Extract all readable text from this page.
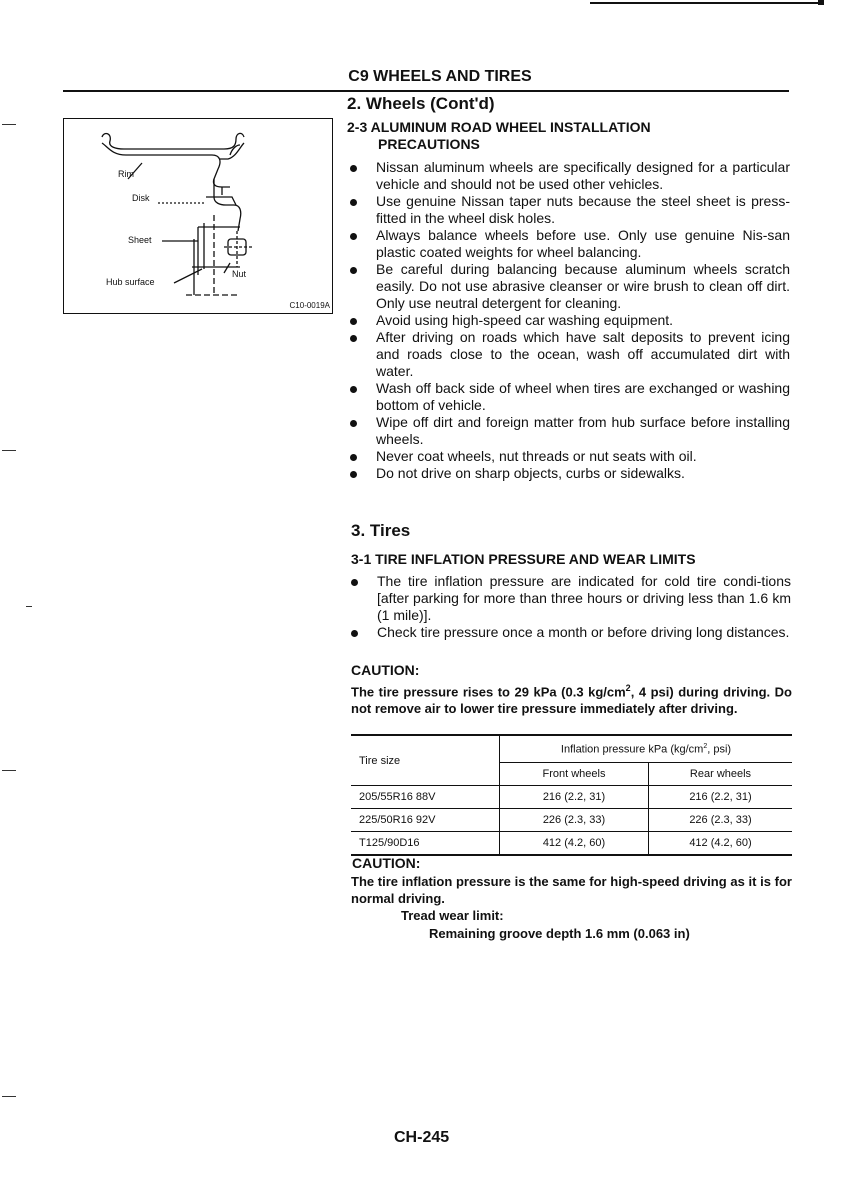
C9 WHEELS AND TIRES
Rim
Disk
Sheet
Hub surface
Nut
C10-0019A
2. Wheels (Cont'd)
2-3 ALUMINUM ROAD WHEEL INSTALLATION
PRECAUTIONS
Nissan aluminum wheels are specifically designed for a particular vehicle and should not be used other vehicles.
Use genuine Nissan taper nuts because the steel sheet is press-fitted in the wheel disk holes.
Always balance wheels before use. Only use genuine Nis-san plastic coated weights for wheel balancing.
Be careful during balancing because aluminum wheels scratch easily. Do not use abrasive cleanser or wire brush to clean off dirt. Only use neutral detergent for cleaning.
Avoid using high-speed car washing equipment.
After driving on roads which have salt deposits to prevent icing and roads close to the ocean, wash off accumulated dirt with water.
Wash off back side of wheel when tires are exchanged or washing bottom of vehicle.
Wipe off dirt and foreign matter from hub surface before installing wheels.
Never coat wheels, nut threads or nut seats with oil.
Do not drive on sharp objects, curbs or sidewalks.
3. Tires
3-1 TIRE INFLATION PRESSURE AND WEAR LIMITS
The tire inflation pressure are indicated for cold tire condi-tions [after parking for more than three hours or driving less than 1.6 km (1 mile)].
Check tire pressure once a month or before driving long distances.
CAUTION:
The tire pressure rises to 29 kPa (0.3 $kg/cm^2$, 4 psi) during driving. Do not remove air to lower tire pressure immediately after driving.
Tire size	Inflation pressure kPa ($kg/cm^2$, psi)	
	Front wheels	Rear wheels
205/55R16 88V	216 (2.2, 31)	216 (2.2, 31)
225/50R16 92V	226 (2.3, 33)	226 (2.3, 33)
T125/90D16	412 (4.2, 60)	412 (4.2, 60)
CAUTION:
The tire inflation pressure is the same for high-speed driving as it is for normal driving.
Tread wear limit:
Remaining groove depth 1.6 mm (0.063 in)
CH-245
